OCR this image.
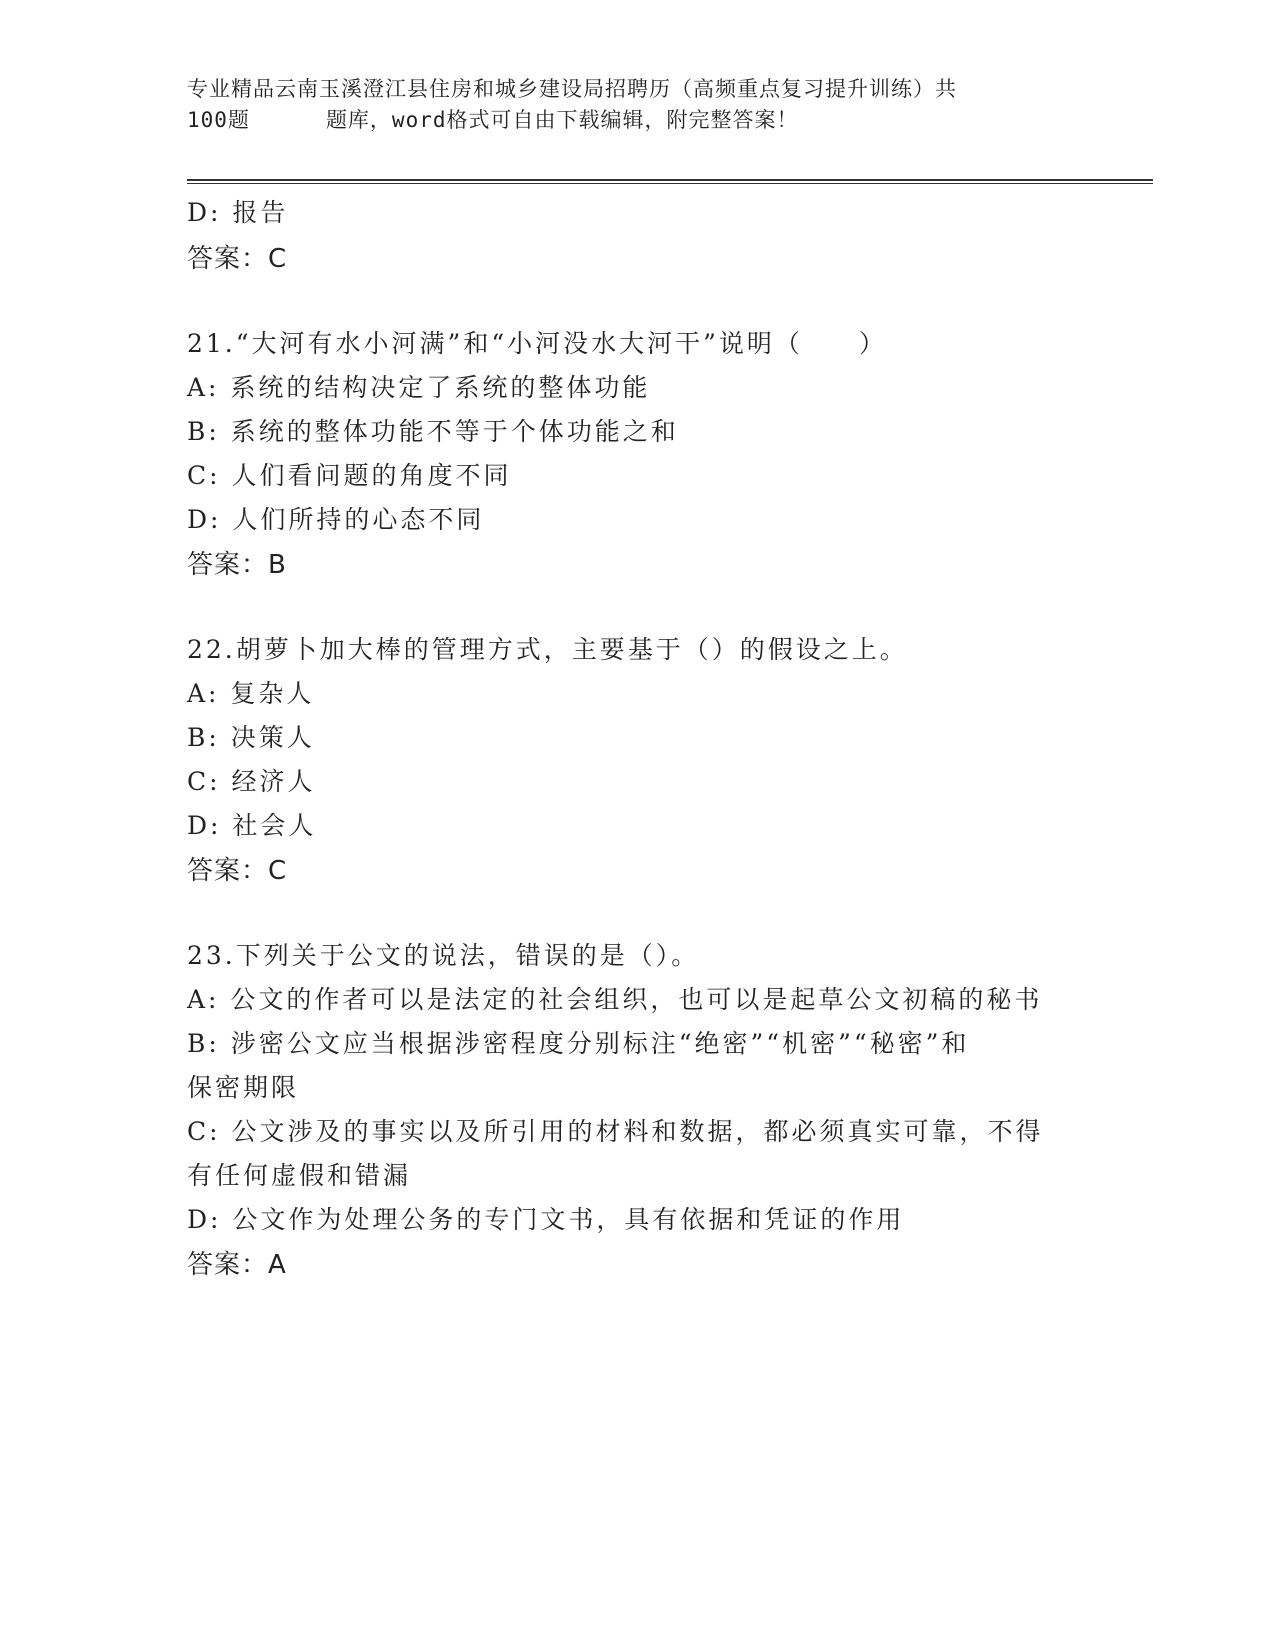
专业精品云南玉溪澄江县住房和城乡建设局招聘历（高频重点复习提升训练）共
100题	题库，word格式可自由下载编辑，附完整答案！
D: 报告
答案：C
21.“大河有水小河满”和“小河没水大河干”说明（　　）
A: 系统的结构决定了系统的整体功能
B: 系统的整体功能不等于个体功能之和
C: 人们看问题的角度不同
D: 人们所持的心态不同
答案：B
22.胡萝卜加大棒的管理方式，主要基于（）的假设之上。
A: 复杂人
B: 决策人
C: 经济人
D: 社会人
答案：C
23.下列关于公文的说法，错误的是（）。
A: 公文的作者可以是法定的社会组织，也可以是起草公文初稿的秘书
B: 涉密公文应当根据涉密程度分别标注“绝密”“机密”“秘密”和
保密期限
C: 公文涉及的事实以及所引用的材料和数据，都必须真实可靠，不得
有任何虚假和错漏
D: 公文作为处理公务的专门文书，具有依据和凭证的作用
答案：A
